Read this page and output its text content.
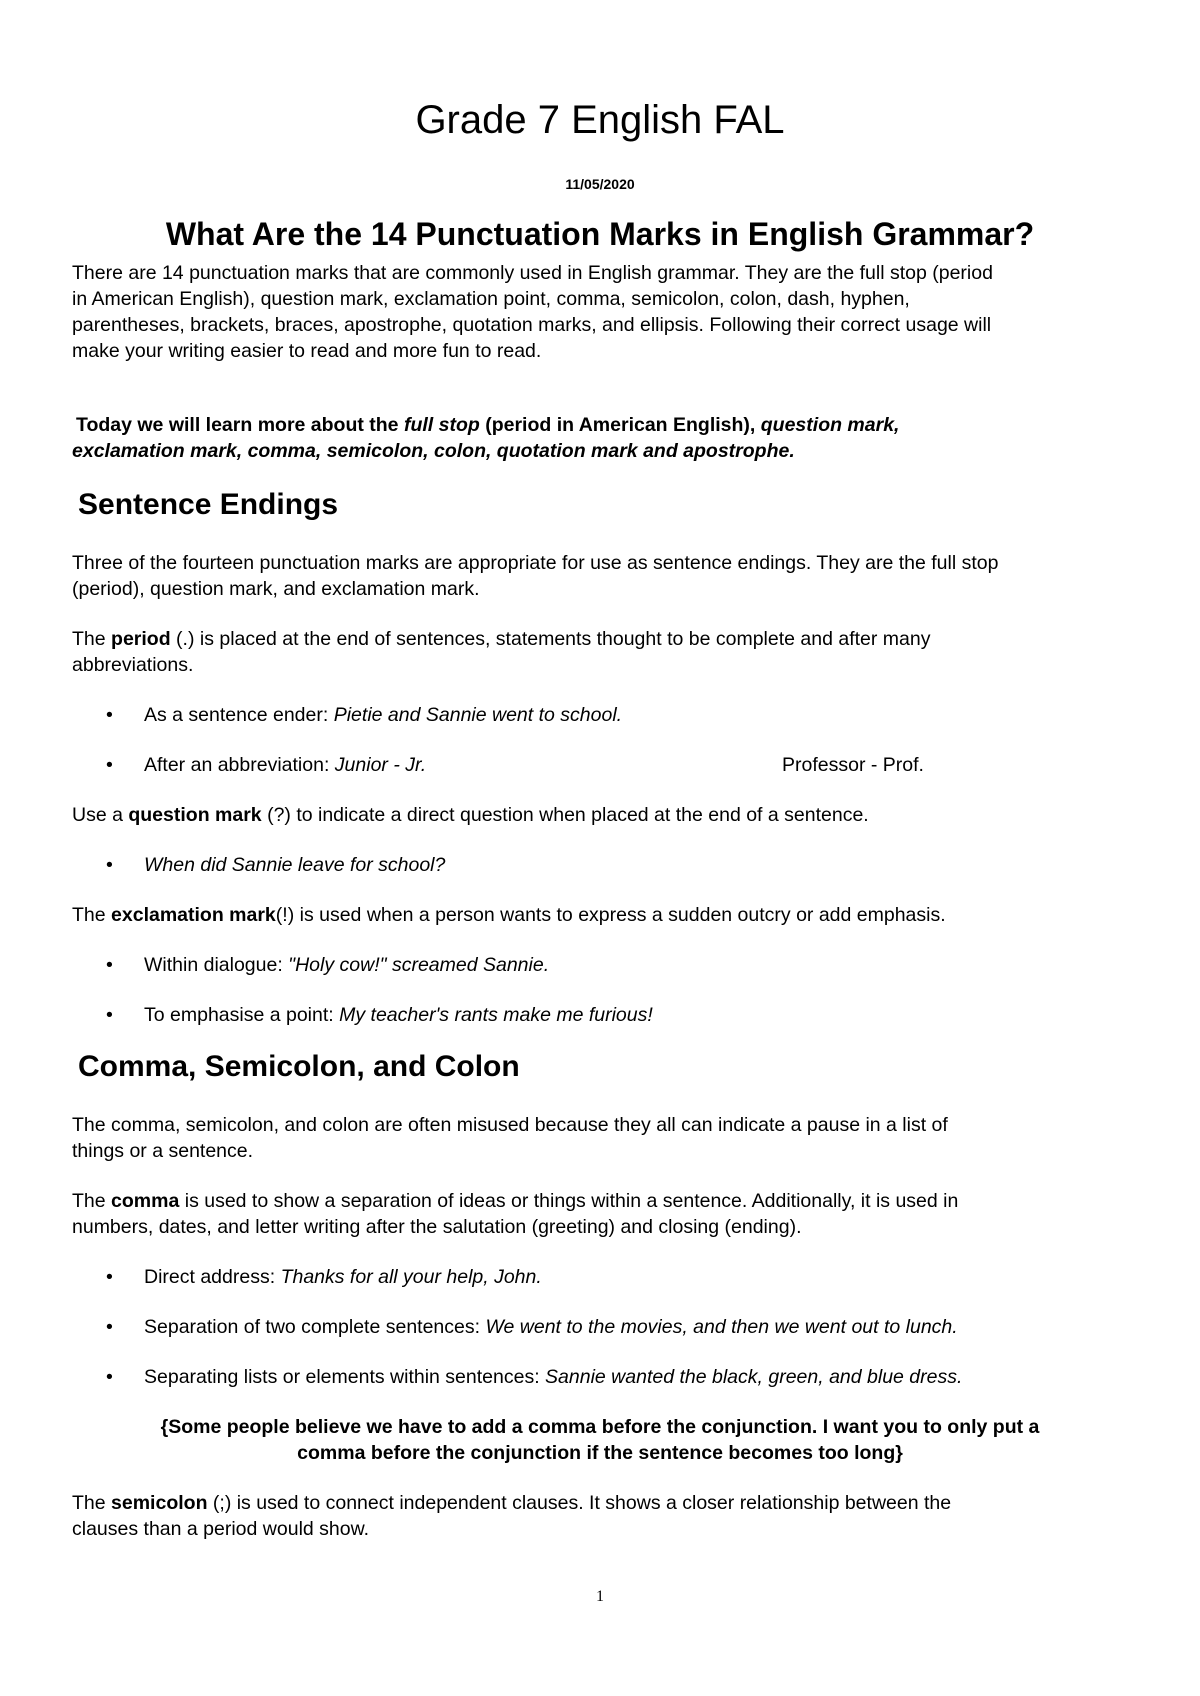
Grade 7 English FAL

11/05/2020

What Are the 14 Punctuation Marks in English Grammar?

There are 14 punctuation marks that are commonly used in English grammar. They are the full stop (period
in American English), question mark, exclamation point, comma, semicolon, colon, dash, hyphen,
parentheses, brackets, braces, apostrophe, quotation marks, and ellipsis. Following their correct usage will
make your writing easier to read and more fun to read.

Today we will learn more about the full stop (period in American English), question mark,
exclamation mark, comma, semicolon, colon, quotation mark and apostrophe.

Sentence Endings

Three of the fourteen punctuation marks are appropriate for use as sentence endings. They are the full stop
(period), question mark, and exclamation mark.

The period (.) is placed at the end of sentences, statements thought to be complete and after many
abbreviations.

• As a sentence ender: Pietie and Sannie went to school.

• After an abbreviation: Junior - Jr.	Professor - Prof.

Use a question mark (?) to indicate a direct question when placed at the end of a sentence.

• When did Sannie leave for school?

The exclamation mark(!) is used when a person wants to express a sudden outcry or add emphasis.

• Within dialogue: "Holy cow!" screamed Sannie.

• To emphasise a point: My teacher's rants make me furious!

Comma, Semicolon, and Colon

The comma, semicolon, and colon are often misused because they all can indicate a pause in a list of
things or a sentence.

The comma is used to show a separation of ideas or things within a sentence. Additionally, it is used in
numbers, dates, and letter writing after the salutation (greeting) and closing (ending).

• Direct address: Thanks for all your help, John.

• Separation of two complete sentences: We went to the movies, and then we went out to lunch.

• Separating lists or elements within sentences: Sannie wanted the black, green, and blue dress.

{Some people believe we have to add a comma before the conjunction. I want you to only put a
comma before the conjunction if the sentence becomes too long}

The semicolon (;) is used to connect independent clauses. It shows a closer relationship between the
clauses than a period would show.

1
